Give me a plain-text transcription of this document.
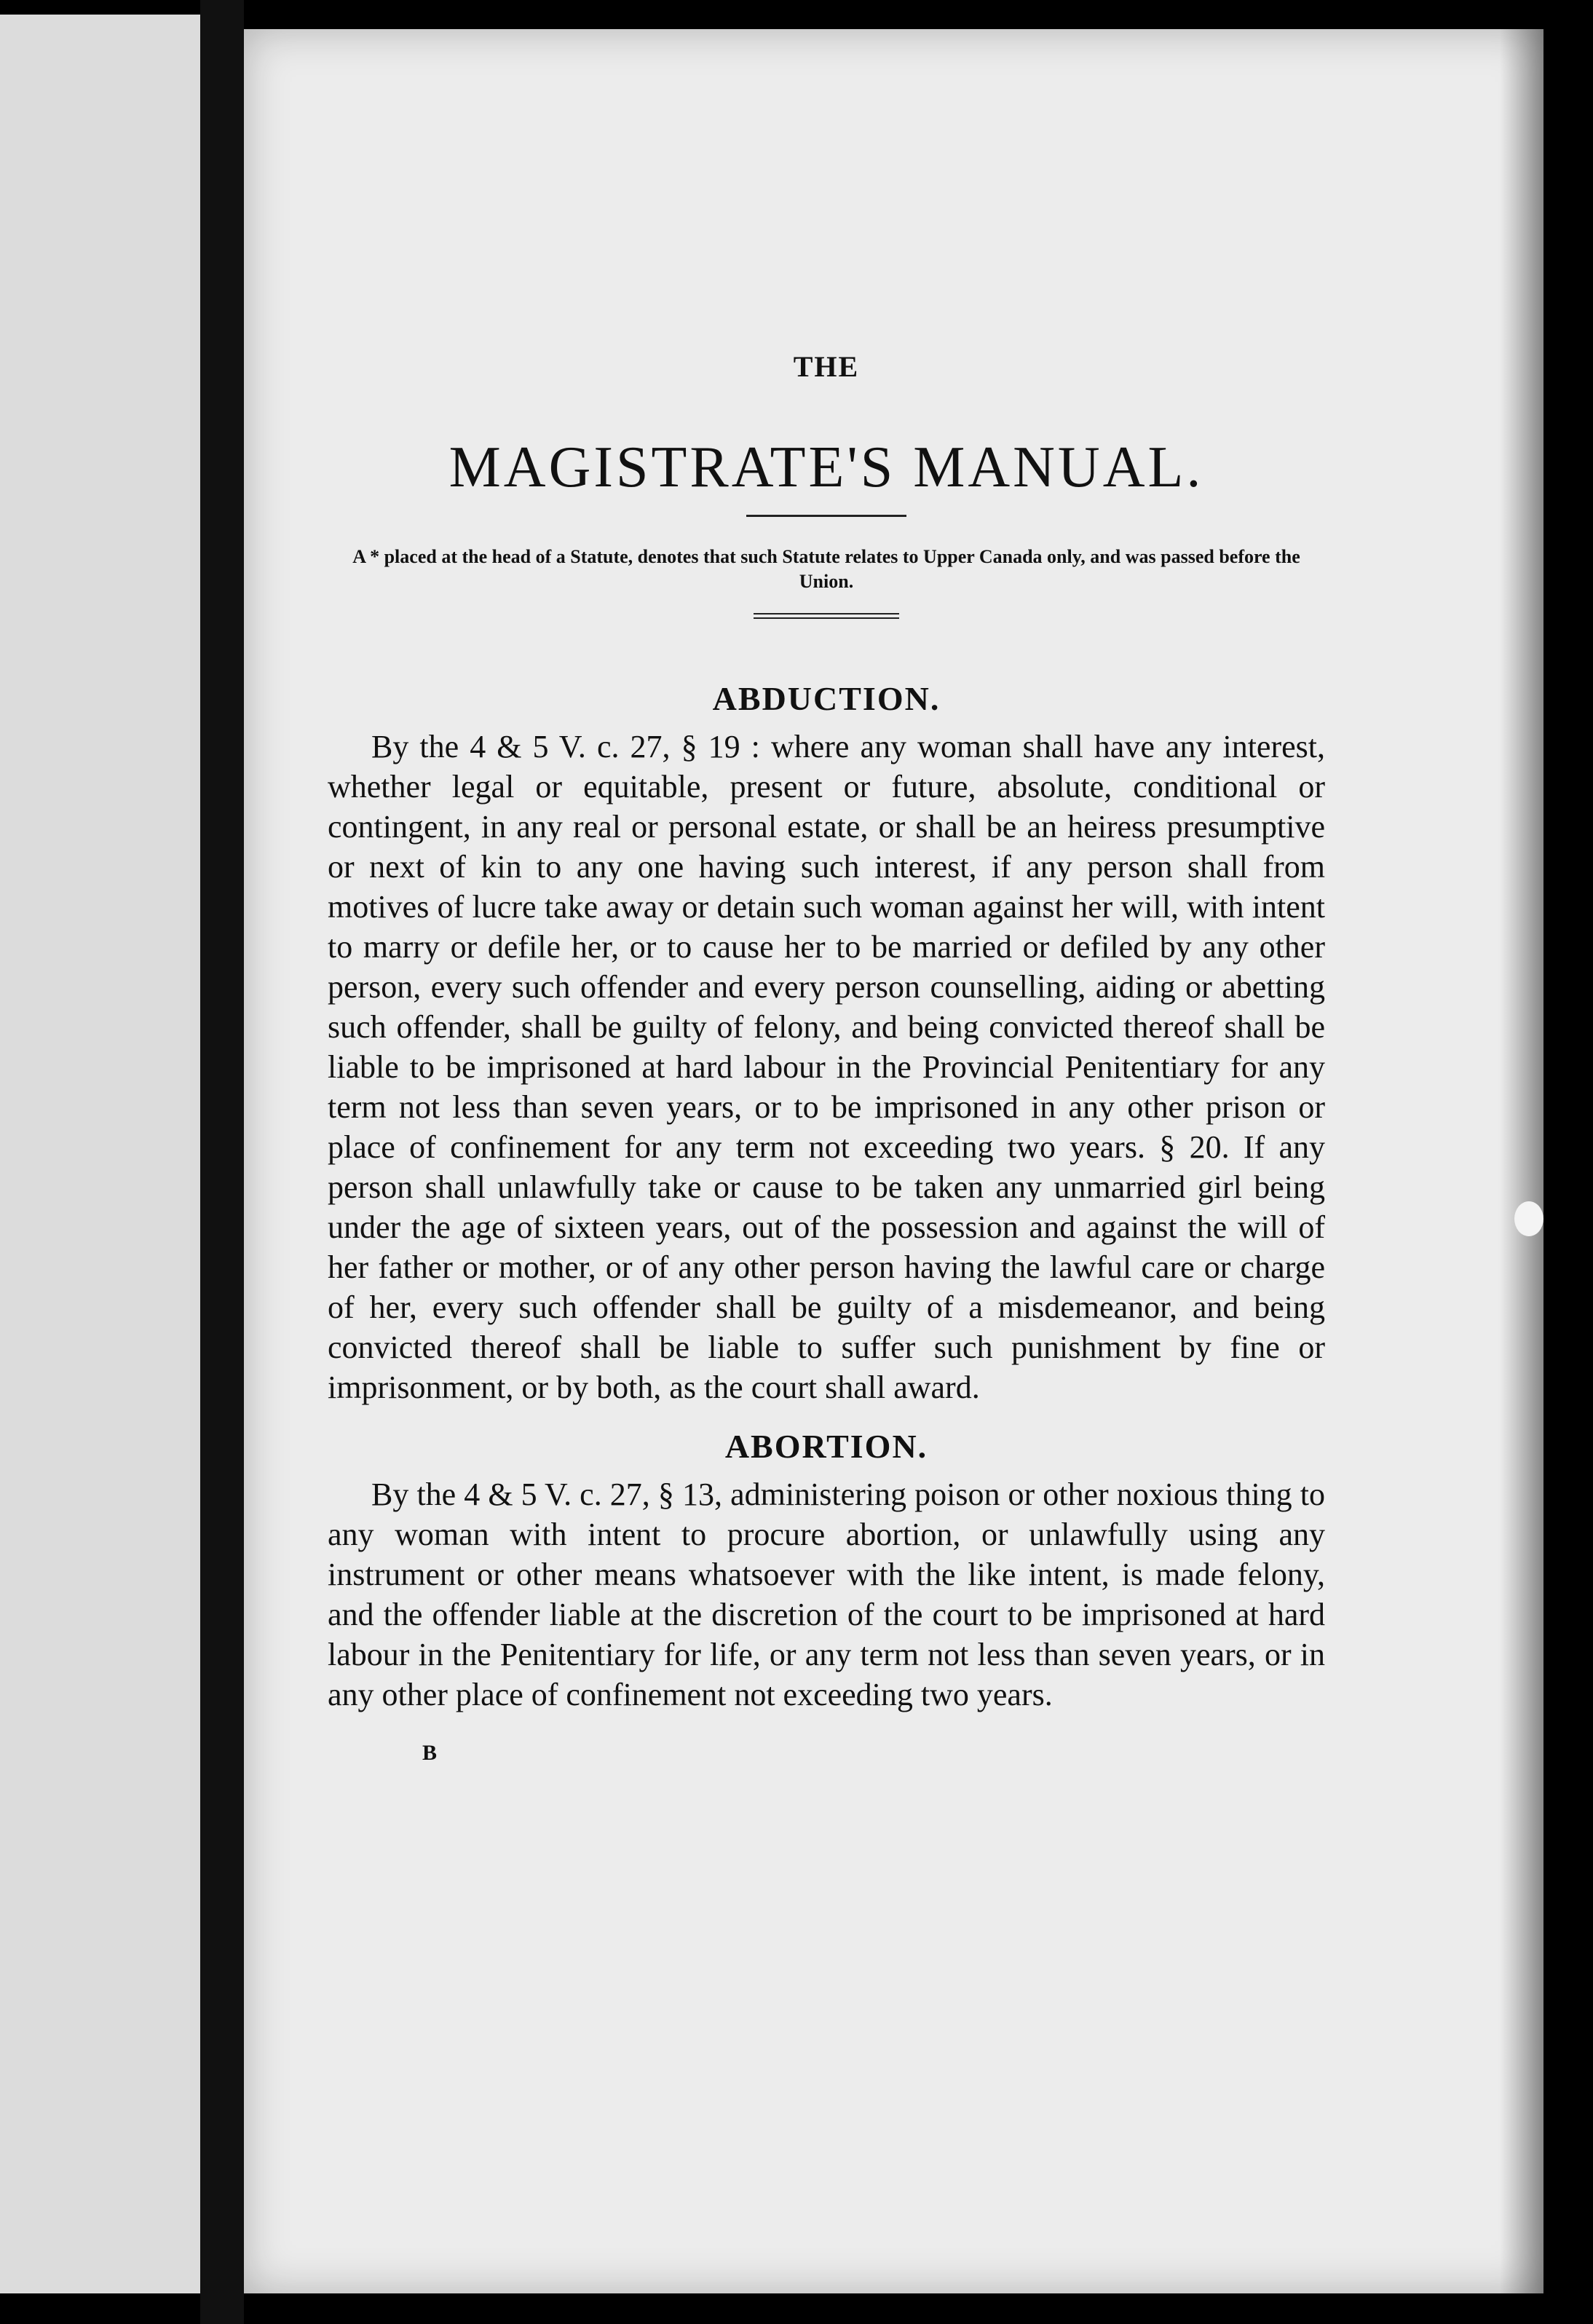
THE
MAGISTRATE'S MANUAL.

A * placed at the head of a Statute, denotes that such Statute relates to Upper Canada only, and was passed before the Union.

ABDUCTION.

By the 4 & 5 V. c. 27, § 19 : where any woman shall have any interest, whether legal or equitable, present or future, absolute, conditional or contingent, in any real or personal estate, or shall be an heiress presumptive or next of kin to any one having such interest, if any person shall from motives of lucre take away or detain such woman against her will, with intent to marry or defile her, or to cause her to be married or defiled by any other person, every such offender and every person counselling, aiding or abetting such offender, shall be guilty of felony, and being convicted thereof shall be liable to be imprisoned at hard labour in the Provincial Penitentiary for any term not less than seven years, or to be imprisoned in any other prison or place of confinement for any term not exceeding two years. § 20. If any person shall unlawfully take or cause to be taken any unmarried girl being under the age of sixteen years, out of the possession and against the will of her father or mother, or of any other person having the lawful care or charge of her, every such offender shall be guilty of a misdemeanor, and being convicted thereof shall be liable to suffer such punishment by fine or imprisonment, or by both, as the court shall award.

ABORTION.

By the 4 & 5 V. c. 27, § 13, administering poison or other noxious thing to any woman with intent to procure abortion, or unlawfully using any instrument or other means whatsoever with the like intent, is made felony, and the offender liable at the discretion of the court to be imprisoned at hard labour in the Penitentiary for life, or any term not less than seven years, or in any other place of confinement not exceeding two years.

B
